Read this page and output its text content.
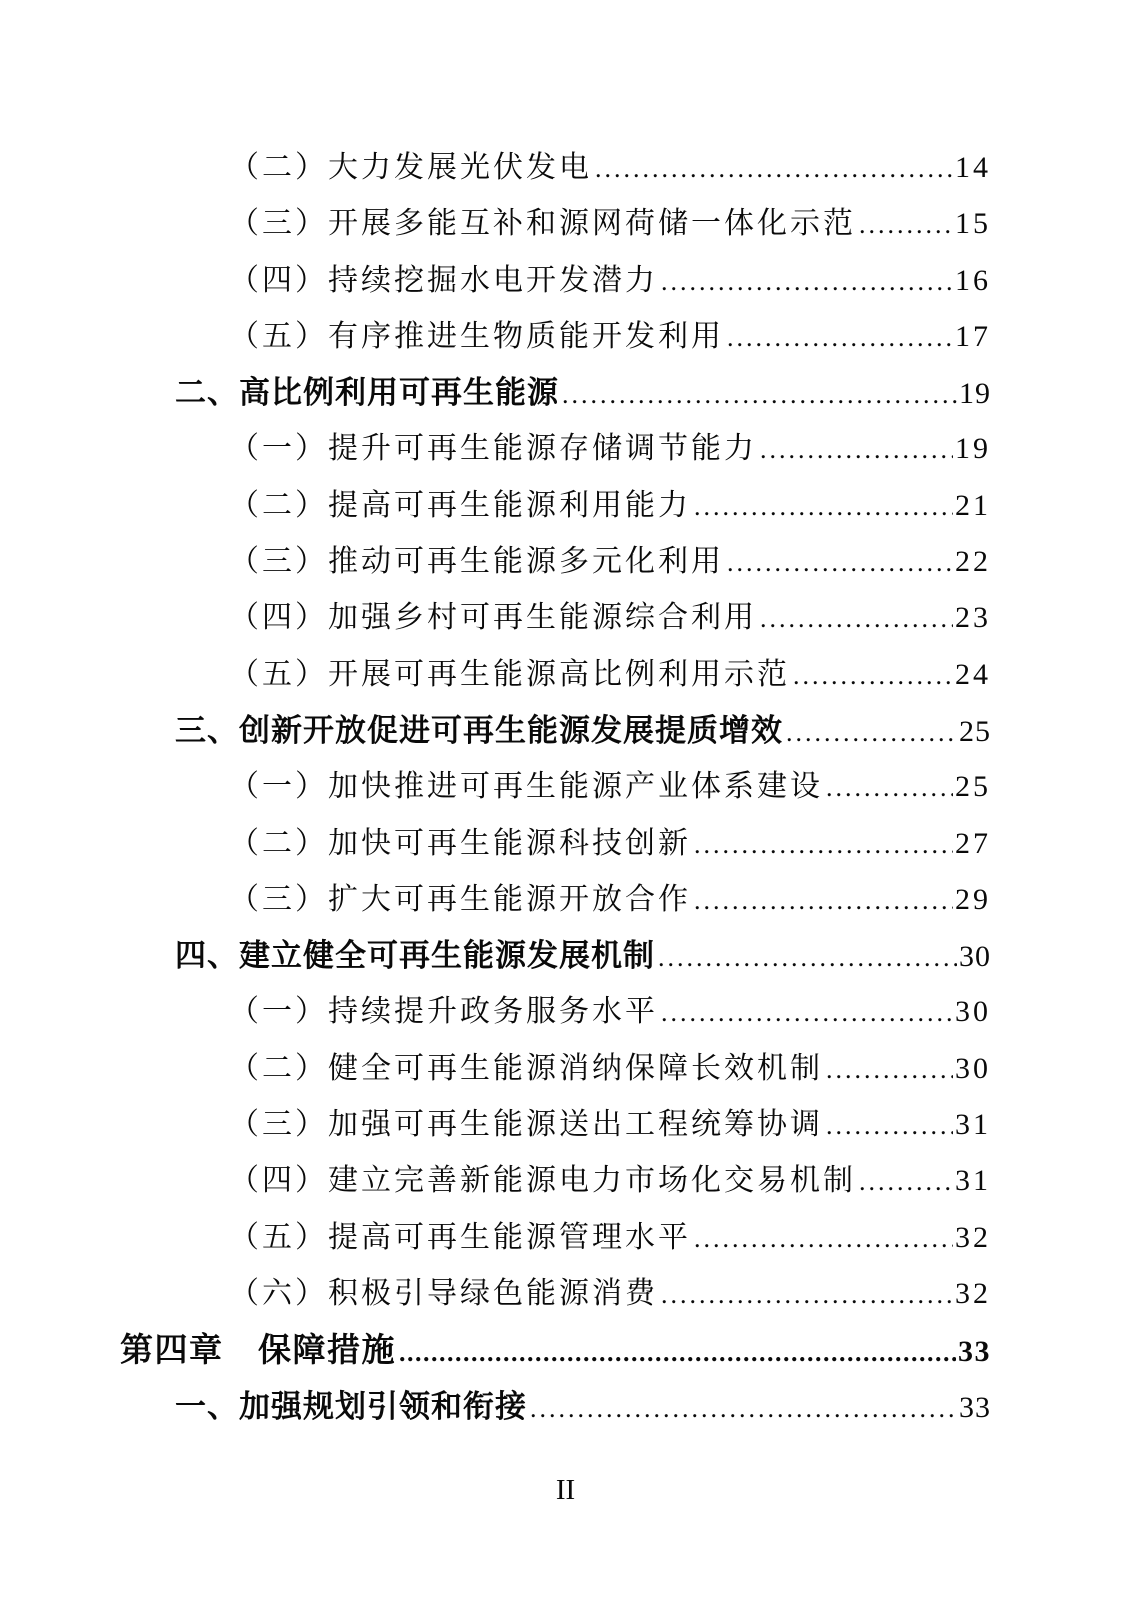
（二）大力发展光伏发电 .....	14
（三）开展多能互补和源网荷储一体化示范 .....	15
（四）持续挖掘水电开发潜力 .....	16
（五）有序推进生物质能开发利用 .....	17
二、高比例利用可再生能源 .....	19
（一）提升可再生能源存储调节能力 .....	19
（二）提高可再生能源利用能力 .....	21
（三）推动可再生能源多元化利用 .....	22
（四）加强乡村可再生能源综合利用 .....	23
（五）开展可再生能源高比例利用示范 .....	24
三、创新开放促进可再生能源发展提质增效 .....	25
（一）加快推进可再生能源产业体系建设 .....	25
（二）加快可再生能源科技创新 .....	27
（三）扩大可再生能源开放合作 .....	29
四、建立健全可再生能源发展机制 .....	30
（一）持续提升政务服务水平 .....	30
（二）健全可再生能源消纳保障长效机制 .....	30
（三）加强可再生能源送出工程统筹协调 .....	31
（四）建立完善新能源电力市场化交易机制 .....	31
（五）提高可再生能源管理水平 .....	32
（六）积极引导绿色能源消费 .....	32
第四章　保障措施 .....	33
一、加强规划引领和衔接 .....	33
II
